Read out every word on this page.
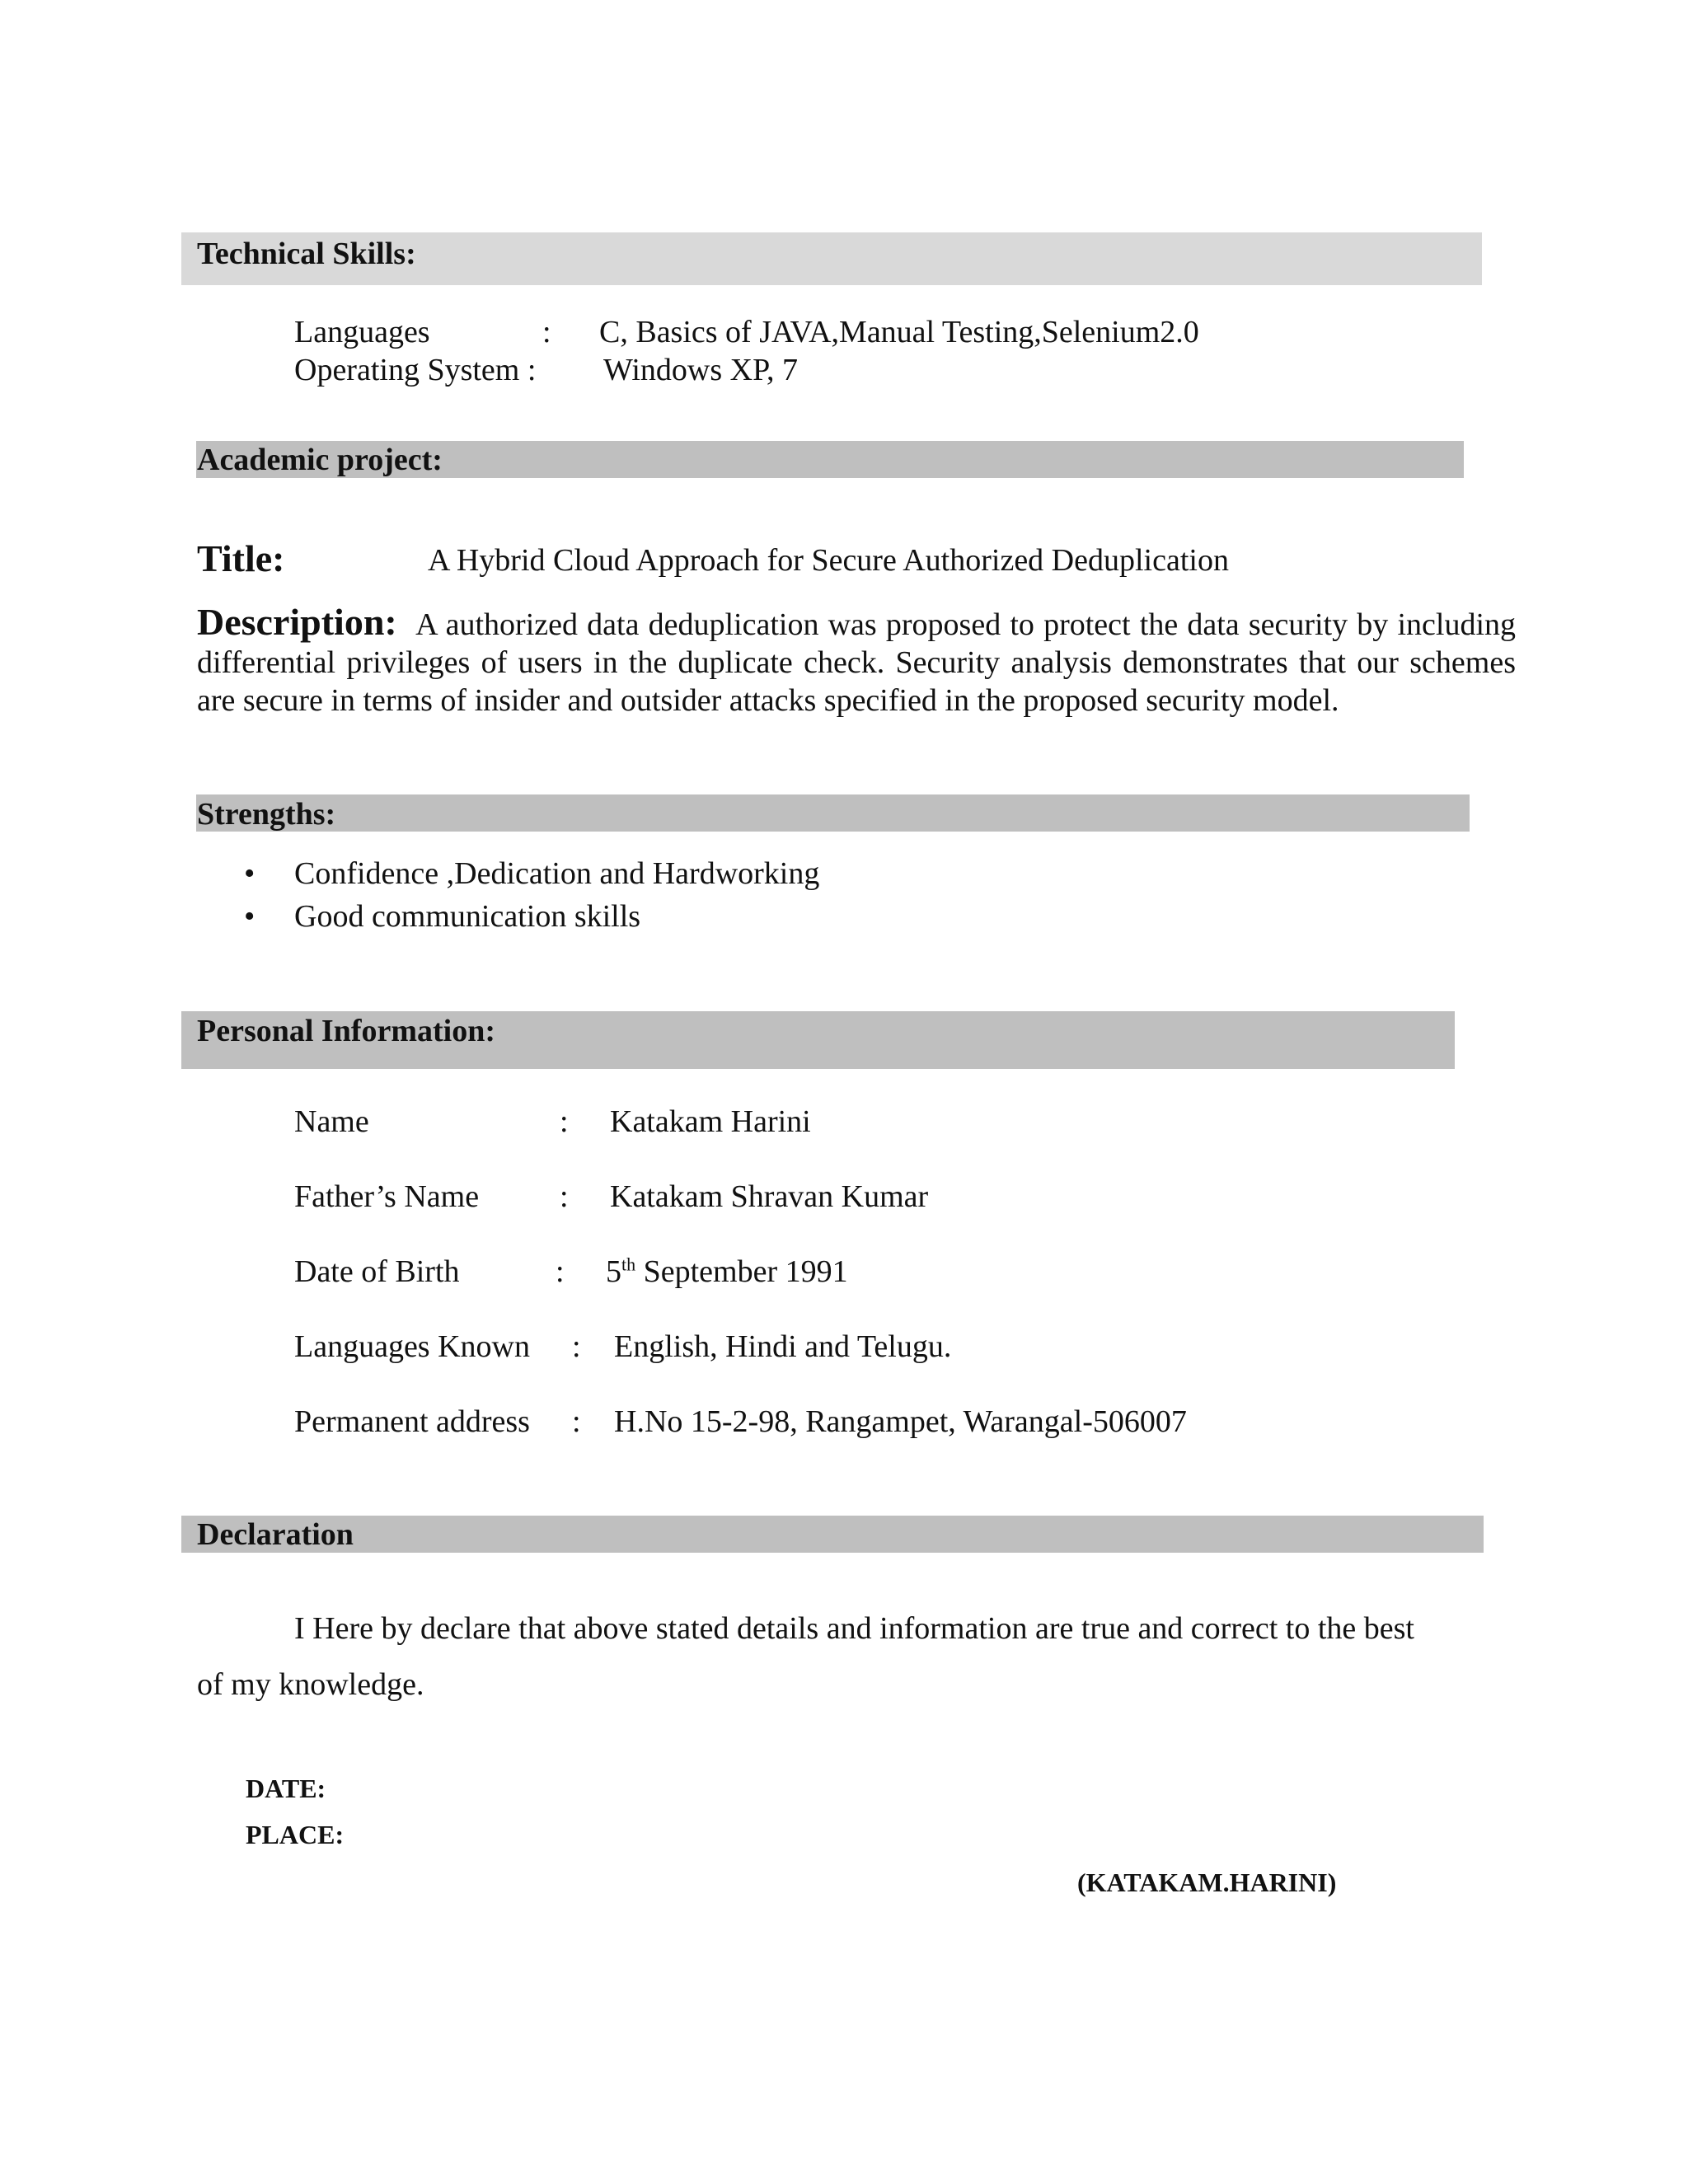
Technical Skills:
Languages	: C, Basics of JAVA,Manual Testing,Selenium2.0
Operating System : Windows XP, 7
Academic project:
Title:	A Hybrid Cloud Approach for Secure Authorized Deduplication
Description: A authorized data deduplication was proposed to protect the data security by including differential privileges of users in the duplicate check. Security analysis demonstrates that our schemes are secure in terms of insider and outsider attacks specified in the proposed security model.
Strengths:
• Confidence ,Dedication and Hardworking
• Good communication skills
Personal Information:
Name	: Katakam Harini
Father’s Name	: Katakam Shravan Kumar
Date of Birth	: 5th September 1991
Languages Known : English, Hindi and Telugu.
Permanent address : H.No 15-2-98, Rangampet, Warangal-506007
Declaration
I Here by declare that above stated details and information are true and correct to the best
of my knowledge.
DATE:
PLACE:
(KATAKAM.HARINI)
